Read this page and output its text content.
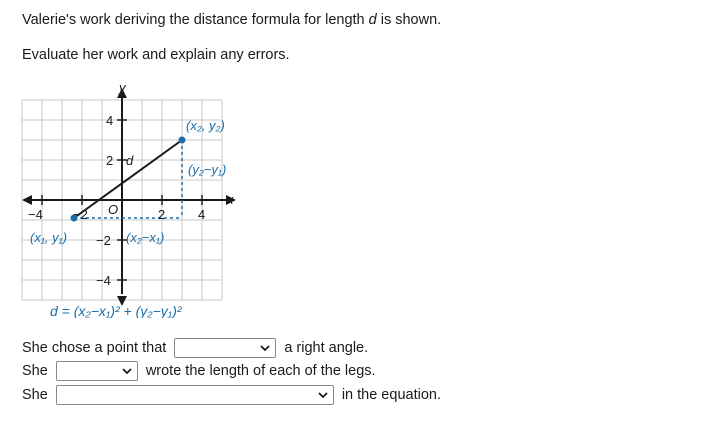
Valerie's work deriving the distance formula for length d is shown.
Evaluate her work and explain any errors.
y
x
O
−4 −2	2	4
4
2
−2
−4
d
(x₂, y₂)
(x₁, y₁)
(y₂−y₁)
(x₂−x₁)
d = (x₂−x₁)² + (y₂−y₁)²
She chose a point that	a right angle.
She	wrote the length of each of the legs.
She	in the equation.
